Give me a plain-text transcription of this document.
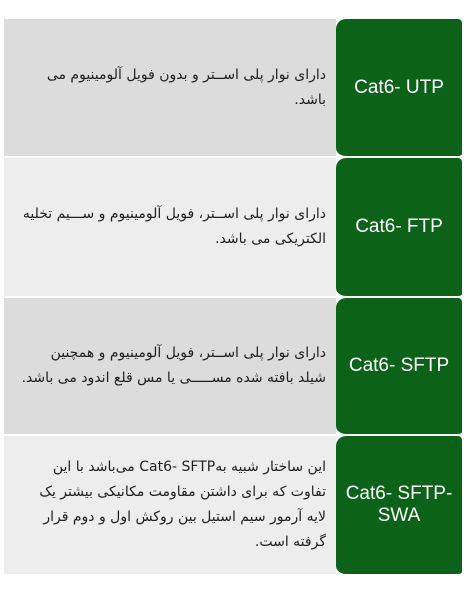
دارای نوار پلی اســتر و بدون فویل آلومینیوم می باشد.
Cat6- UTP
دارای نوار پلی اســتر، فویل آلومینیوم و ســـیم تخلیه الکتریکی می باشد.
Cat6- FTP
دارای نوار پلی اســتر، فویل آلومینیوم و همچنین شیلد بافته شده مســـــی یا مس قلع اندود می باشد.
Cat6- SFTP
این ساختار شبیه بهCat6- SFTP می‌باشد با این تفاوت که برای داشتن مقاومت مکانیکی بیشتر یک لایه آرمور سیم استیل بین روکش اول و دوم قرار گرفته است.
Cat6- SFTP- SWA
